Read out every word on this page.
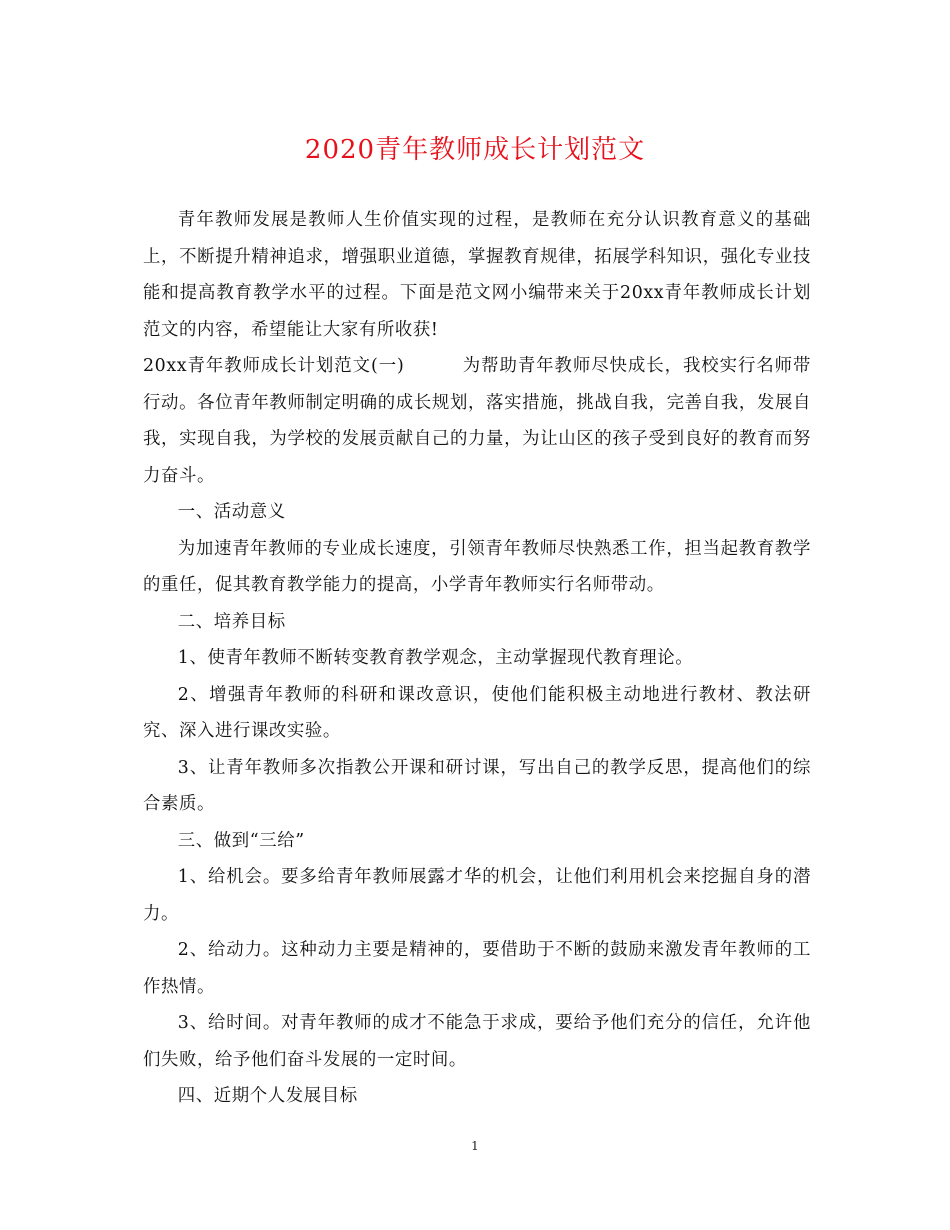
2020青年教师成长计划范文

青年教师发展是教师人生价值实现的过程，是教师在充分认识教育意义的基础上，不断提升精神追求，增强职业道德，掌握教育规律，拓展学科知识，强化专业技能和提高教育教学水平的过程。下面是范文网小编带来关于20xx青年教师成长计划范文的内容，希望能让大家有所收获!

20xx青年教师成长计划范文(一)	为帮助青年教师尽快成长，我校实行名师带行动。各位青年教师制定明确的成长规划，落实措施，挑战自我，完善自我，发展自我，实现自我，为学校的发展贡献自己的力量，为让山区的孩子受到良好的教育而努力奋斗。

一、活动意义

为加速青年教师的专业成长速度，引领青年教师尽快熟悉工作，担当起教育教学的重任，促其教育教学能力的提高，小学青年教师实行名师带动。

二、培养目标

1、使青年教师不断转变教育教学观念，主动掌握现代教育理论。

2、增强青年教师的科研和课改意识，使他们能积极主动地进行教材、教法研究、深入进行课改实验。

3、让青年教师多次指教公开课和研讨课，写出自己的教学反思，提高他们的综合素质。

三、做到“三给”

1、给机会。要多给青年教师展露才华的机会，让他们利用机会来挖掘自身的潜力。

2、给动力。这种动力主要是精神的，要借助于不断的鼓励来激发青年教师的工作热情。

3、给时间。对青年教师的成才不能急于求成，要给予他们充分的信任，允许他们失败，给予他们奋斗发展的一定时间。

四、近期个人发展目标

1
